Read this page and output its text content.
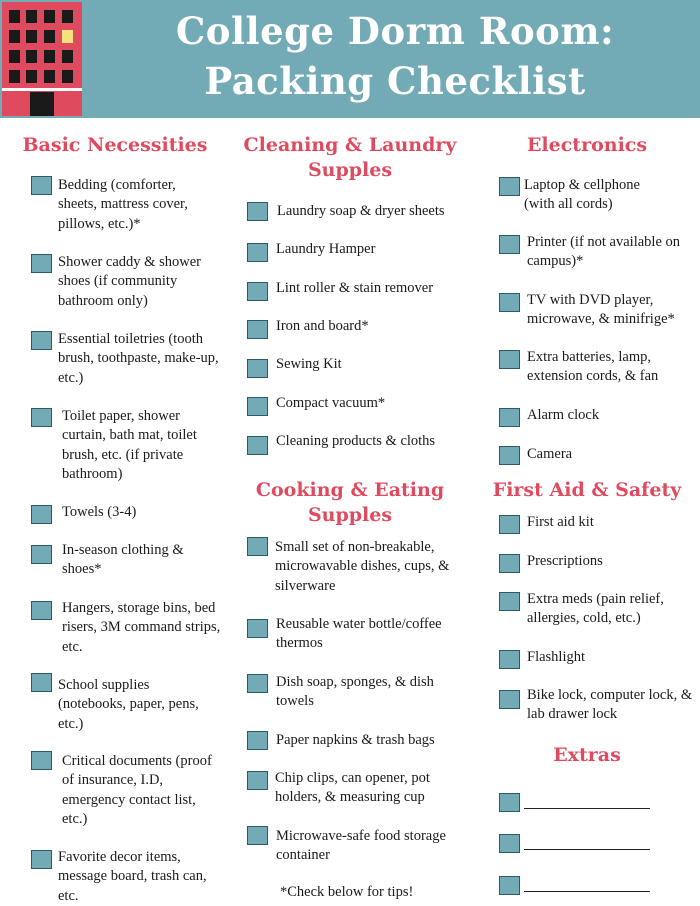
College Dorm Room:
Packing Checklist
Basic Necessities
Bedding (comforter, sheets, mattress cover, pillows, etc.)*
Shower caddy & shower shoes (if community bathroom only)
Essential toiletries (tooth brush, toothpaste, make-up, etc.)
Toilet paper, shower curtain, bath mat, toilet brush, etc. (if private bathroom)
Towels (3-4)
In-season clothing & shoes*
Hangers, storage bins, bed risers, 3M command strips, etc.
School supplies (notebooks, paper, pens, etc.)
Critical documents (proof of insurance, I.D, emergency contact list, etc.)
Favorite decor items, message board, trash can, etc.
Cleaning & Laundry Supples
Laundry soap & dryer sheets
Laundry Hamper
Lint roller & stain remover
Iron and board*
Sewing Kit
Compact vacuum*
Cleaning products & cloths
Cooking & Eating Supples
Small set of non-breakable, microwavable dishes, cups, & silverware
Reusable water bottle/coffee thermos
Dish soap, sponges, & dish towels
Paper napkins & trash bags
Chip clips, can opener, pot holders, & measuring cup
Microwave-safe food storage container
*Check below for tips!
Electronics
Laptop & cellphone (with all cords)
Printer (if not available on campus)*
TV with DVD player, microwave, & minifrige*
Extra batteries, lamp, extension cords, & fan
Alarm clock
Camera
First Aid & Safety
First aid kit
Prescriptions
Extra meds (pain relief, allergies, cold, etc.)
Flashlight
Bike lock, computer lock, & lab drawer lock
Extras
